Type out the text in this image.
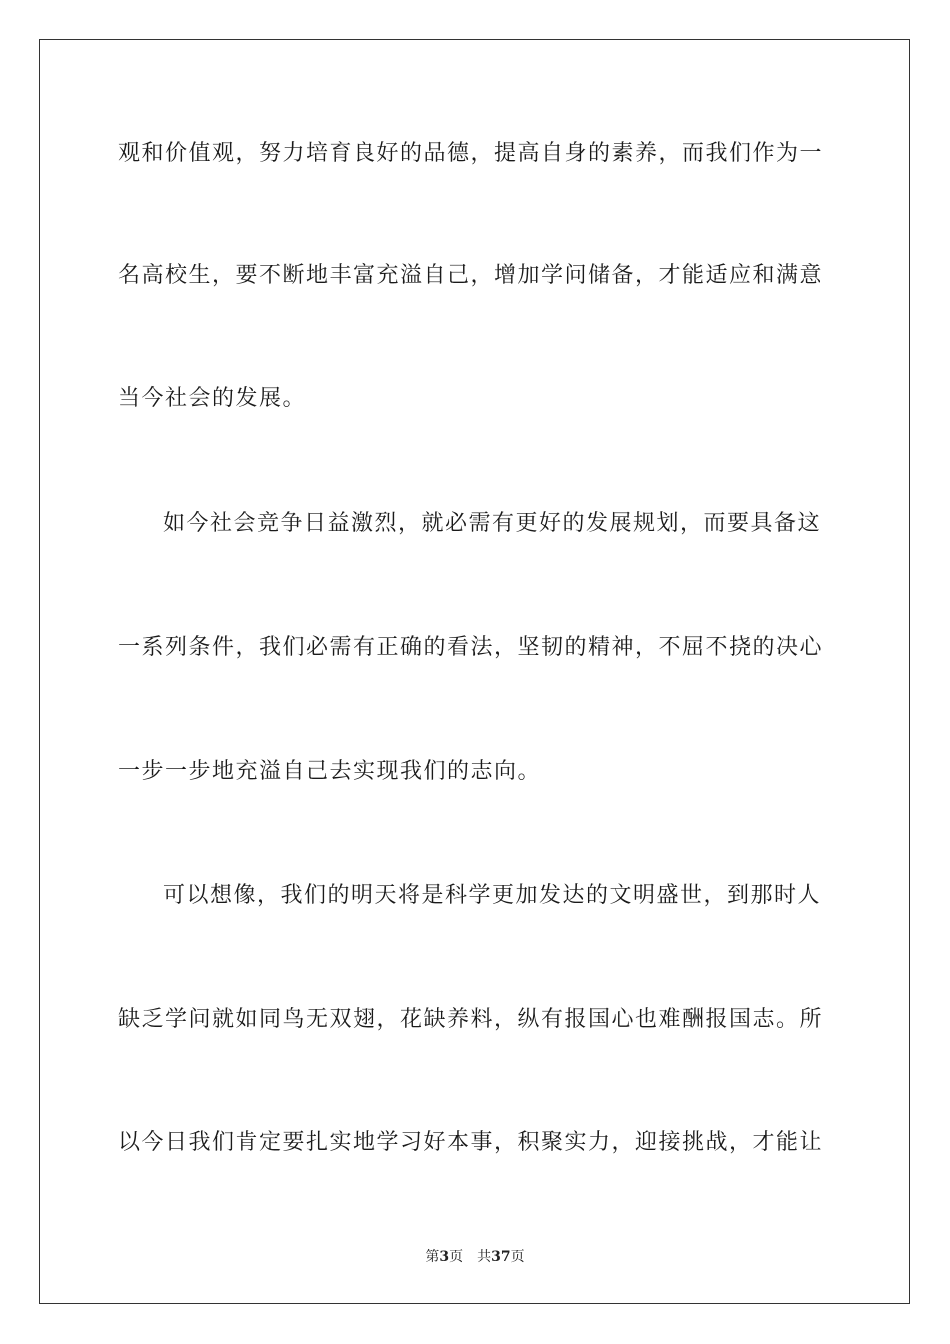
观和价值观，努力培育良好的品德，提高自身的素养，而我们作为一
名高校生，要不断地丰富充溢自己，增加学问储备，才能适应和满意
当今社会的发展。
如今社会竞争日益激烈，就必需有更好的发展规划，而要具备这
一系列条件，我们必需有正确的看法，坚韧的精神，不屈不挠的决心
一步一步地充溢自己去实现我们的志向。
可以想像，我们的明天将是科学更加发达的文明盛世，到那时人
缺乏学问就如同鸟无双翅，花缺养料，纵有报国心也难酬报国志。所
以今日我们肯定要扎实地学习好本事，积聚实力，迎接挑战，才能让
第3页 共37页
